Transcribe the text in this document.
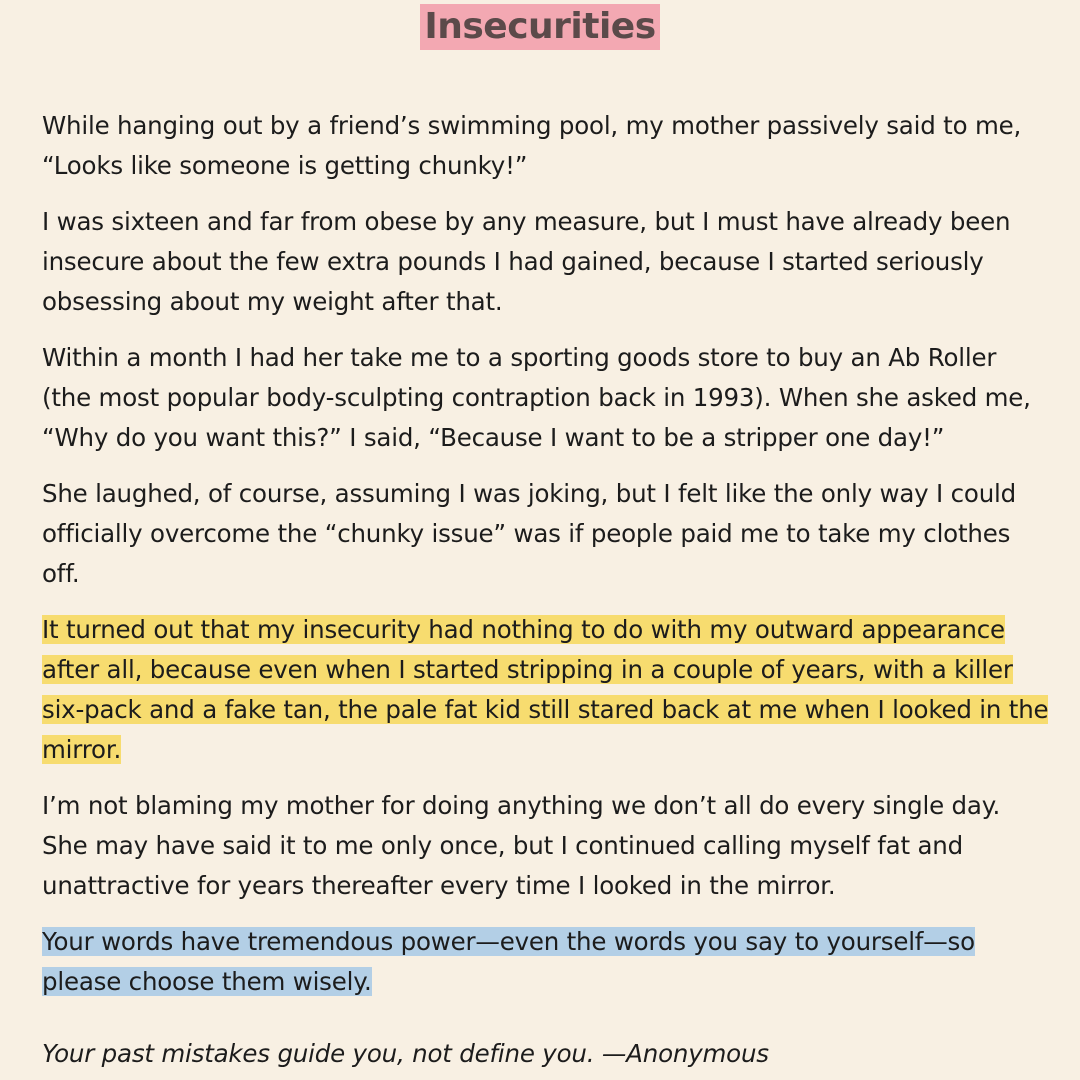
Insecurities

While hanging out by a friend’s swimming pool, my mother passively said to me, “Looks like someone is getting chunky!”

I was sixteen and far from obese by any measure, but I must have already been insecure about the few extra pounds I had gained, because I started seriously obsessing about my weight after that.

Within a month I had her take me to a sporting goods store to buy an Ab Roller (the most popular body-sculpting contraption back in 1993). When she asked me, “Why do you want this?” I said, “Because I want to be a stripper one day!”

She laughed, of course, assuming I was joking, but I felt like the only way I could officially overcome the “chunky issue” was if people paid me to take my clothes off.

It turned out that my insecurity had nothing to do with my outward appearance after all, because even when I started stripping in a couple of years, with a killer six-pack and a fake tan, the pale fat kid still stared back at me when I looked in the mirror.

I’m not blaming my mother for doing anything we don’t all do every single day. She may have said it to me only once, but I continued calling myself fat and unattractive for years thereafter every time I looked in the mirror.

Your words have tremendous power—even the words you say to yourself—so please choose them wisely.

Your past mistakes guide you, not define you. —Anonymous
